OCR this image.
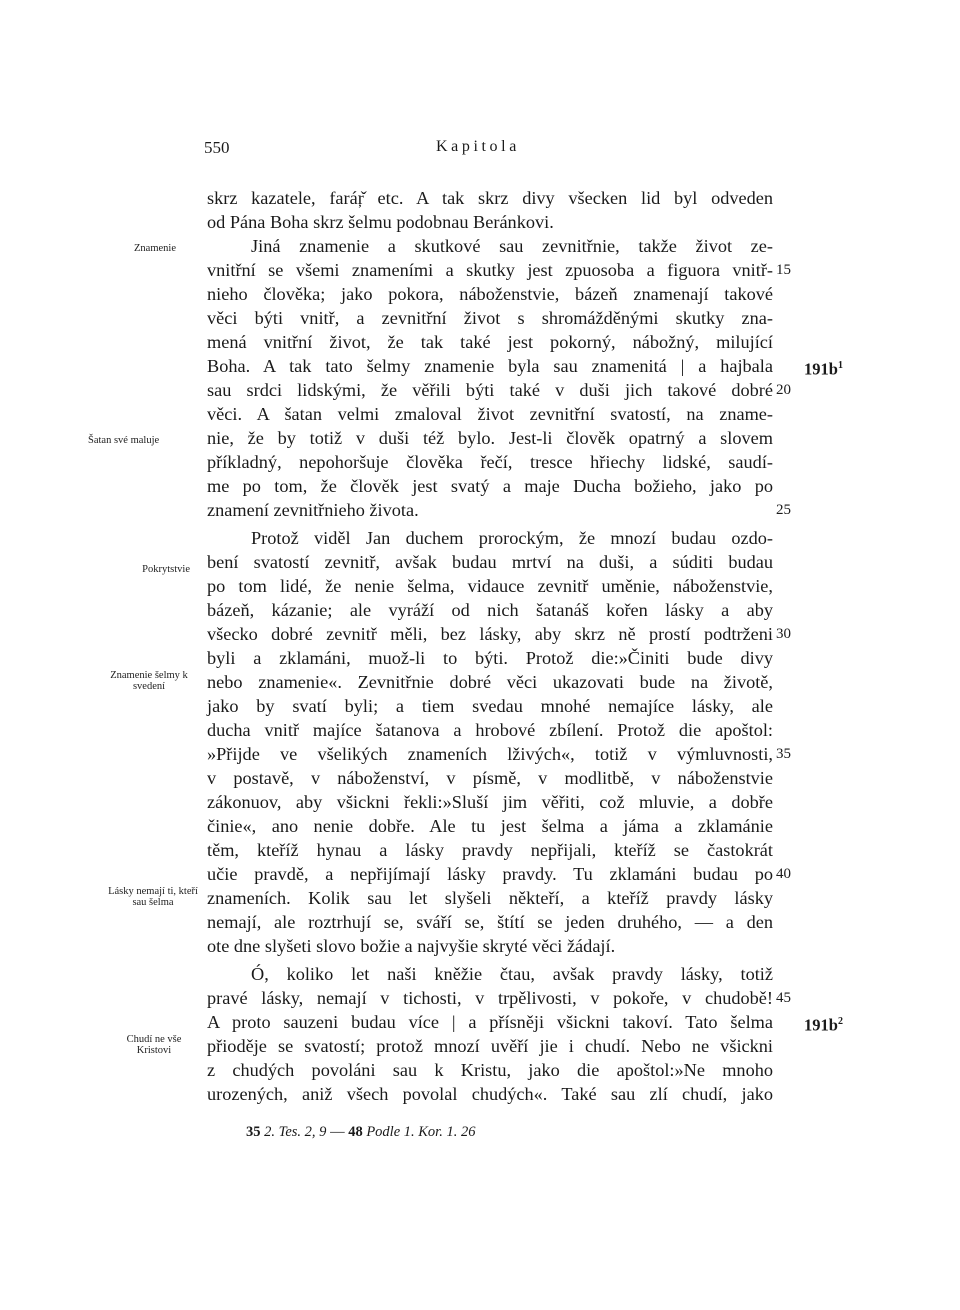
550	Kapitola
Znamenie
Šatan své maluje
Pokrytstvie
Znamenie šelmy k svedení
Lásky nemají ti, kteří sau šelma
Chudí ne vše Kristovi
skrz kazatele, faráŗ̌ etc. A tak skrz divy všecken lid byl odveden
od Pána Boha skrz šelmu podobnau Beránkovi.
Jiná znamenie a skutkové sau zevnitřnie, takže život ze-
vnitřní se všemi znameními a skutky jest zpuosoba a figuora vnitř-
nieho člověka; jako pokora, náboženstvie, bázeň znamenají takové
věci býti vnitř, a zevnitřní život s shromážděnými skutky zna-
mená vnitřní život, že tak také jest pokorný, nábožný, milující
Boha. A tak tato šelmy znamenie byla sau znamenitá | a hajbala
sau srdci lidskými, že věřili býti také v duši jich takové dobré
věci. A šatan velmi zmaloval život zevnitřní svatostí, na zname-
nie, že by totiž v duši též bylo. Jest-li člověk opatrný a slovem
příkladný, nepohoršuje člověka řečí, tresce hřiechy lidské, saudí-
me po tom, že člověk jest svatý a maje Ducha božieho, jako po
znamení zevnitřnieho života.
Protož viděl Jan duchem prorockým, že mnozí budau ozdo-
bení svatostí zevnitř, avšak budau mrtví na duši, a súditi budau
po tom lidé, že nenie šelma, vidauce zevnitř uměnie, náboženstvie,
bázeň, kázanie; ale vyráží od nich šatanáš kořen lásky a aby
všecko dobré zevnitř měli, bez lásky, aby skrz ně prostí podtrženi
byli a zklamáni, muož-li to býti. Protož die:»Činiti bude divy
nebo znamenie«. Zevnitřnie dobré věci ukazovati bude na životě,
jako by svatí byli; a tiem svedau mnohé nemajíce lásky, ale
ducha vnitř majíce šatanova a hrobové zbílení. Protož die apoštol:
»Přijde ve všelikých znameních lživých«, totiž v výmluvnosti,
v postavě, v náboženství, v písmě, v modlitbě, v náboženstvie
zákonuov, aby všickni řekli:»Sluší jim věřiti, což mluvie, a dobře
činie«, ano nenie dobře. Ale tu jest šelma a jáma a zklamánie
těm, kteříž hynau a lásky pravdy nepřijali, kteříž se častokrát
učie pravdě, a nepřijímají lásky pravdy. Tu zklamáni budau po
znameních. Kolik sau let slyšeli někteří, a kteříž pravdy lásky
nemají, ale roztrhují se, sváří se, štítí se jeden druhého, — a den
ote dne slyšeti slovo božie a najvyšie skryté věci žádají.
Ó, koliko let naši kněžie čtau, avšak pravdy lásky, totiž
pravé lásky, nemají v tichosti, v trpělivosti, v pokoře, v chudobě!
A proto sauzeni budau více | a přísněji všickni takoví. Tato šelma
přioděje se svatostí; protož mnozí uvěří jie i chudí. Nebo ne všickni
z chudých povoláni sau k Kristu, jako die apoštol:»Ne mnoho
urozených, aniž všech povolal chudých«. Také sau zlí chudí, jako
15
20
25
30
35
40
45
$191b^1$
$191b^2$
35 2. Tes. 2, 9 — 48 Podle 1. Kor. 1. 26
